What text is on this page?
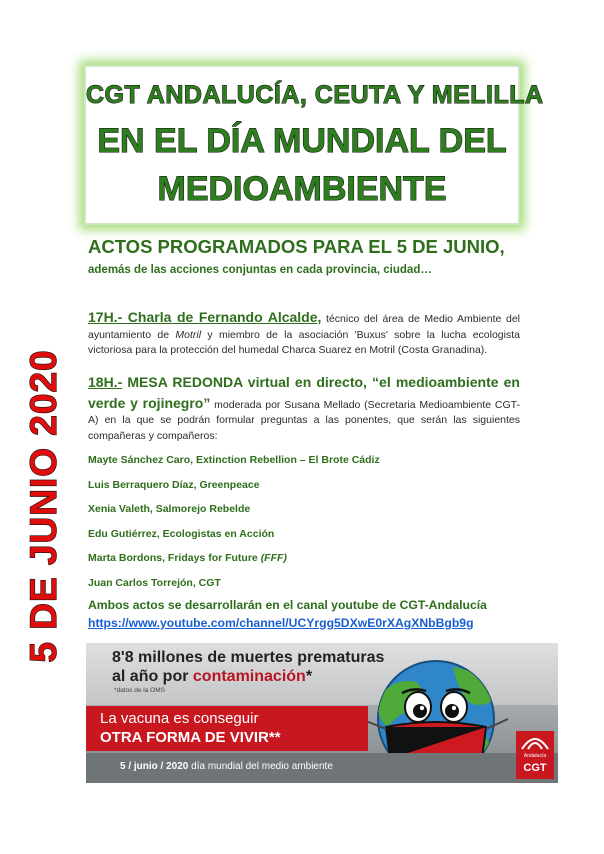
CGT ANDALUCÍA, CEUTA Y MELILLA
EN EL DÍA MUNDIAL DEL
MEDIOAMBIENTE
5 DE JUNIO 2020
ACTOS PROGRAMADOS PARA EL 5 DE JUNIO,
además de las acciones conjuntas en cada provincia, ciudad…
17H.- Charla de Fernando Alcalde, técnico del área de Medio Ambiente del ayuntamiento de Motril y miembro de la asociación 'Buxus' sobre la lucha ecologista victoriosa para la protección del humedal Charca Suarez en Motril (Costa Granadina).
18H.- MESA REDONDA virtual en directo, “el medioambiente en verde y rojinegro” moderada por Susana Mellado (Secretaria Medioambiente CGT-A) en la que se podrán formular preguntas a las ponentes, que serán las siguientes compañeras y compañeros:
Mayte Sánchez Caro, Extinction Rebellion – El Brote Cádiz
Luis Berraquero Díaz, Greenpeace
Xenia Valeth, Salmorejo Rebelde
Edu Gutiérrez, Ecologistas en Acción
Marta Bordons, Fridays for Future (FFF)
Juan Carlos Torrejón, CGT
Ambos actos se desarrollarán en el canal youtube de CGT-Andalucía
https://www.youtube.com/channel/UCYrgg5DXwE0rXAgXNbBgb9g
8'8 millones de muertes prematuras
al año por contaminación*
*datos de la OMS
La vacuna es conseguir
OTRA FORMA DE VIVIR**
5 / junio / 2020 día mundial del medio ambiente
Andalucía
CGT
